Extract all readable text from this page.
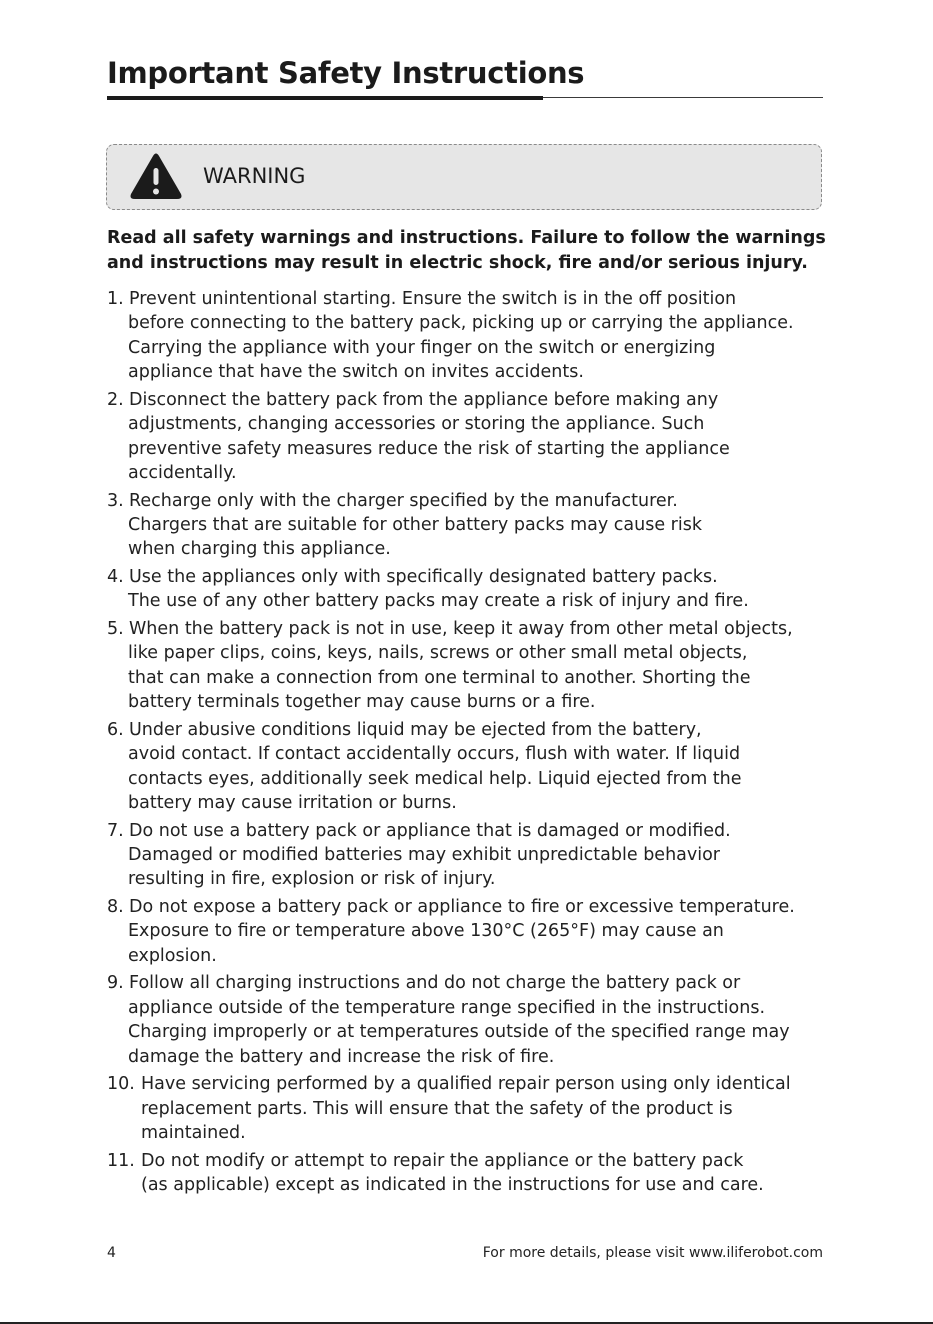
Important Safety Instructions
WARNING
Read all safety warnings and instructions. Failure to follow the warnings
and instructions may result in electric shock, fire and/or serious injury.
1. Prevent unintentional starting. Ensure the switch is in the off position
before connecting to the battery pack, picking up or carrying the appliance.
Carrying the appliance with your finger on the switch or energizing
appliance that have the switch on invites accidents.
2. Disconnect the battery pack from the appliance before making any
adjustments, changing accessories or storing the appliance. Such
preventive safety measures reduce the risk of starting the appliance
accidentally.
3. Recharge only with the charger specified by the manufacturer.
Chargers that are suitable for other battery packs may cause risk
when charging this appliance.
4. Use the appliances only with specifically designated battery packs.
The use of any other battery packs may create a risk of injury and fire.
5. When the battery pack is not in use, keep it away from other metal objects,
like paper clips, coins, keys, nails, screws or other small metal objects,
that can make a connection from one terminal to another. Shorting the
battery terminals together may cause burns or a fire.
6. Under abusive conditions liquid may be ejected from the battery,
avoid contact. If contact accidentally occurs, flush with water. If liquid
contacts eyes, additionally seek medical help. Liquid ejected from the
battery may cause irritation or burns.
7. Do not use a battery pack or appliance that is damaged or modified.
Damaged or modified batteries may exhibit unpredictable behavior
resulting in fire, explosion or risk of injury.
8. Do not expose a battery pack or appliance to fire or excessive temperature.
Exposure to fire or temperature above 130°C (265°F) may cause an
explosion.
9. Follow all charging instructions and do not charge the battery pack or
appliance outside of the temperature range specified in the instructions.
Charging improperly or at temperatures outside of the specified range may
damage the battery and increase the risk of fire.
10. Have servicing performed by a qualified repair person using only identical
replacement parts. This will ensure that the safety of the product is
maintained.
11. Do not modify or attempt to repair the appliance or the battery pack
(as applicable) except as indicated in the instructions for use and care.
4	For more details, please visit www.iliferobot.com
